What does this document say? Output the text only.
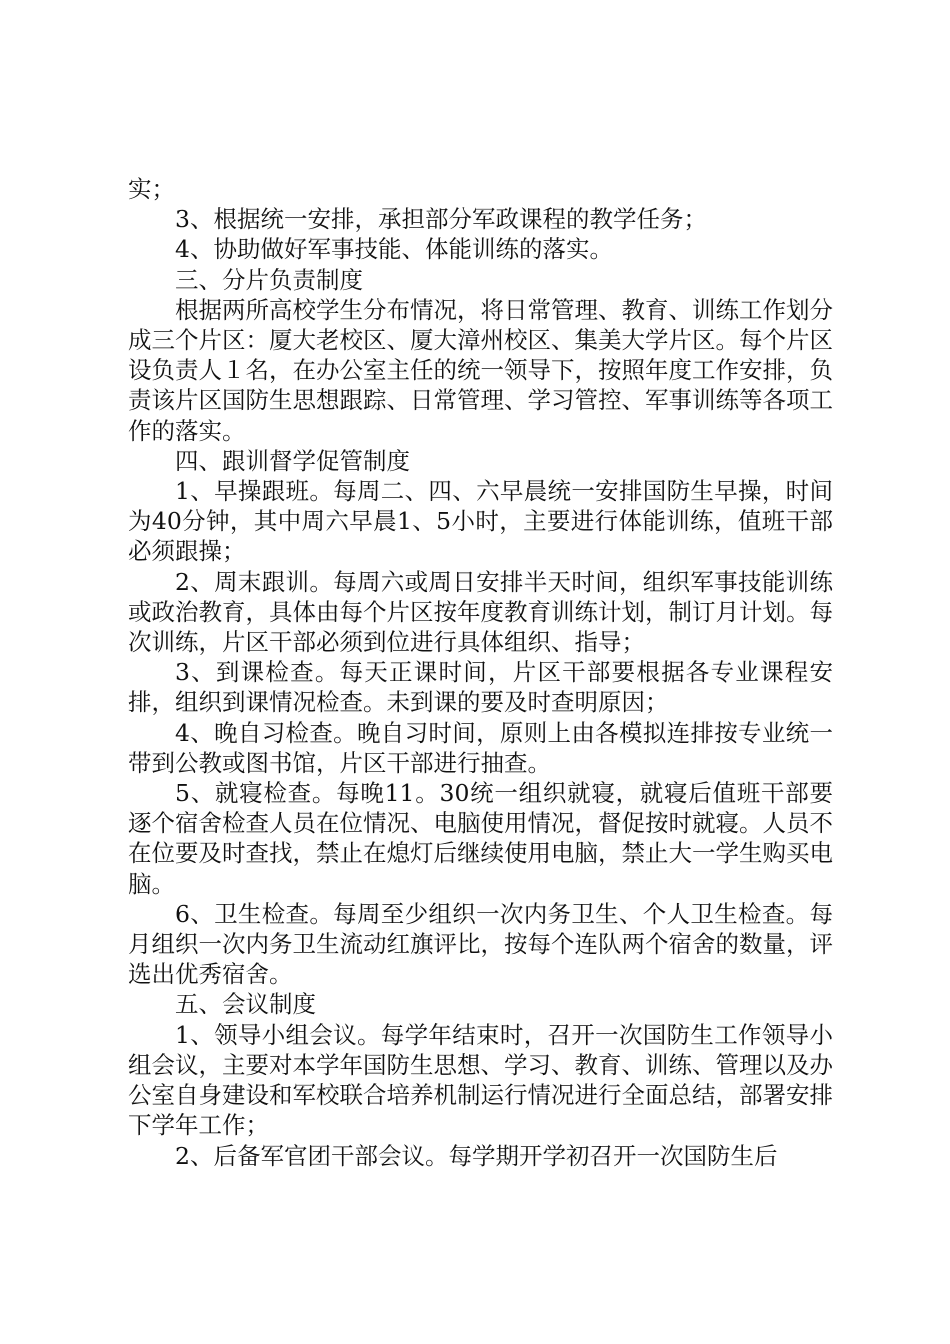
实；

3、根据统一安排，承担部分军政课程的教学任务；

4、协助做好军事技能、体能训练的落实。

三、分片负责制度

根据两所高校学生分布情况，将日常管理、教育、训练工作划分成三个片区：厦大老校区、厦大漳州校区、集美大学片区。每个片区设负责人１名，在办公室主任的统一领导下，按照年度工作安排，负责该片区国防生思想跟踪、日常管理、学习管控、军事训练等各项工作的落实。

四、跟训督学促管制度

1、早操跟班。每周二、四、六早晨统一安排国防生早操，时间为40分钟，其中周六早晨1、5小时，主要进行体能训练，值班干部必须跟操；

2、周末跟训。每周六或周日安排半天时间，组织军事技能训练或政治教育，具体由每个片区按年度教育训练计划，制订月计划。每次训练，片区干部必须到位进行具体组织、指导；

3、到课检查。每天正课时间，片区干部要根据各专业课程安排，组织到课情况检查。未到课的要及时查明原因；

4、晚自习检查。晚自习时间，原则上由各模拟连排按专业统一带到公教或图书馆，片区干部进行抽查。

5、就寝检查。每晚11。30统一组织就寝，就寝后值班干部要逐个宿舍检查人员在位情况、电脑使用情况，督促按时就寝。人员不在位要及时查找，禁止在熄灯后继续使用电脑，禁止大一学生购买电脑。

6、卫生检查。每周至少组织一次内务卫生、个人卫生检查。每月组织一次内务卫生流动红旗评比，按每个连队两个宿舍的数量，评选出优秀宿舍。

五、会议制度

1、领导小组会议。每学年结束时，召开一次国防生工作领导小组会议，主要对本学年国防生思想、学习、教育、训练、管理以及办公室自身建设和军校联合培养机制运行情况进行全面总结，部署安排下学年工作；

2、后备军官团干部会议。每学期开学初召开一次国防生后
